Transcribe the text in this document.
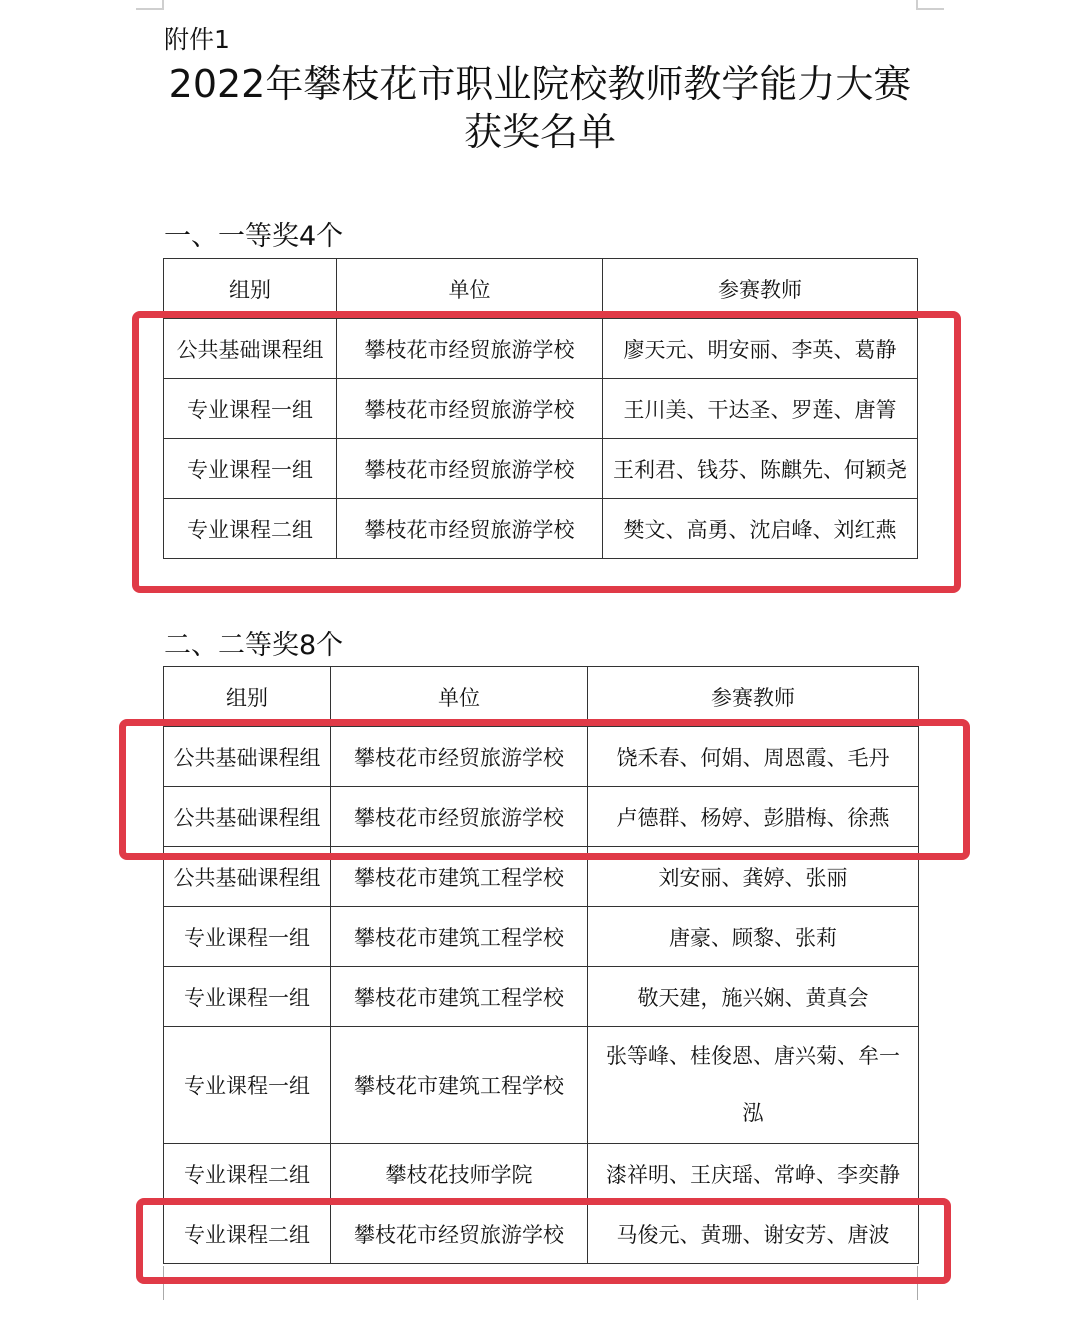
附件1
2022年攀枝花市职业院校教师教学能力大赛
获奖名单
一、一等奖4个
组别	单位	参赛教师
公共基础课程组	攀枝花市经贸旅游学校	廖天元、明安丽、李英、葛静
专业课程一组	攀枝花市经贸旅游学校	王川美、干达圣、罗莲、唐箐
专业课程一组	攀枝花市经贸旅游学校	王利君、钱芬、陈麒先、何颖尧
专业课程二组	攀枝花市经贸旅游学校	樊文、高勇、沈启峰、刘红燕
二、二等奖8个
组别	单位	参赛教师
公共基础课程组	攀枝花市经贸旅游学校	饶禾春、何娟、周恩霞、毛丹
公共基础课程组	攀枝花市经贸旅游学校	卢德群、杨婷、彭腊梅、徐燕
公共基础课程组	攀枝花市建筑工程学校	刘安丽、龚婷、张丽
专业课程一组	攀枝花市建筑工程学校	唐豪、顾黎、张莉
专业课程一组	攀枝花市建筑工程学校	敬天建，施兴娴、黄真会
专业课程一组	攀枝花市建筑工程学校	张等峰、桂俊恩、唐兴菊、牟一泓
专业课程二组	攀枝花技师学院	漆祥明、王庆瑶、常峥、李奕静
专业课程二组	攀枝花市经贸旅游学校	马俊元、黄珊、谢安芳、唐波
